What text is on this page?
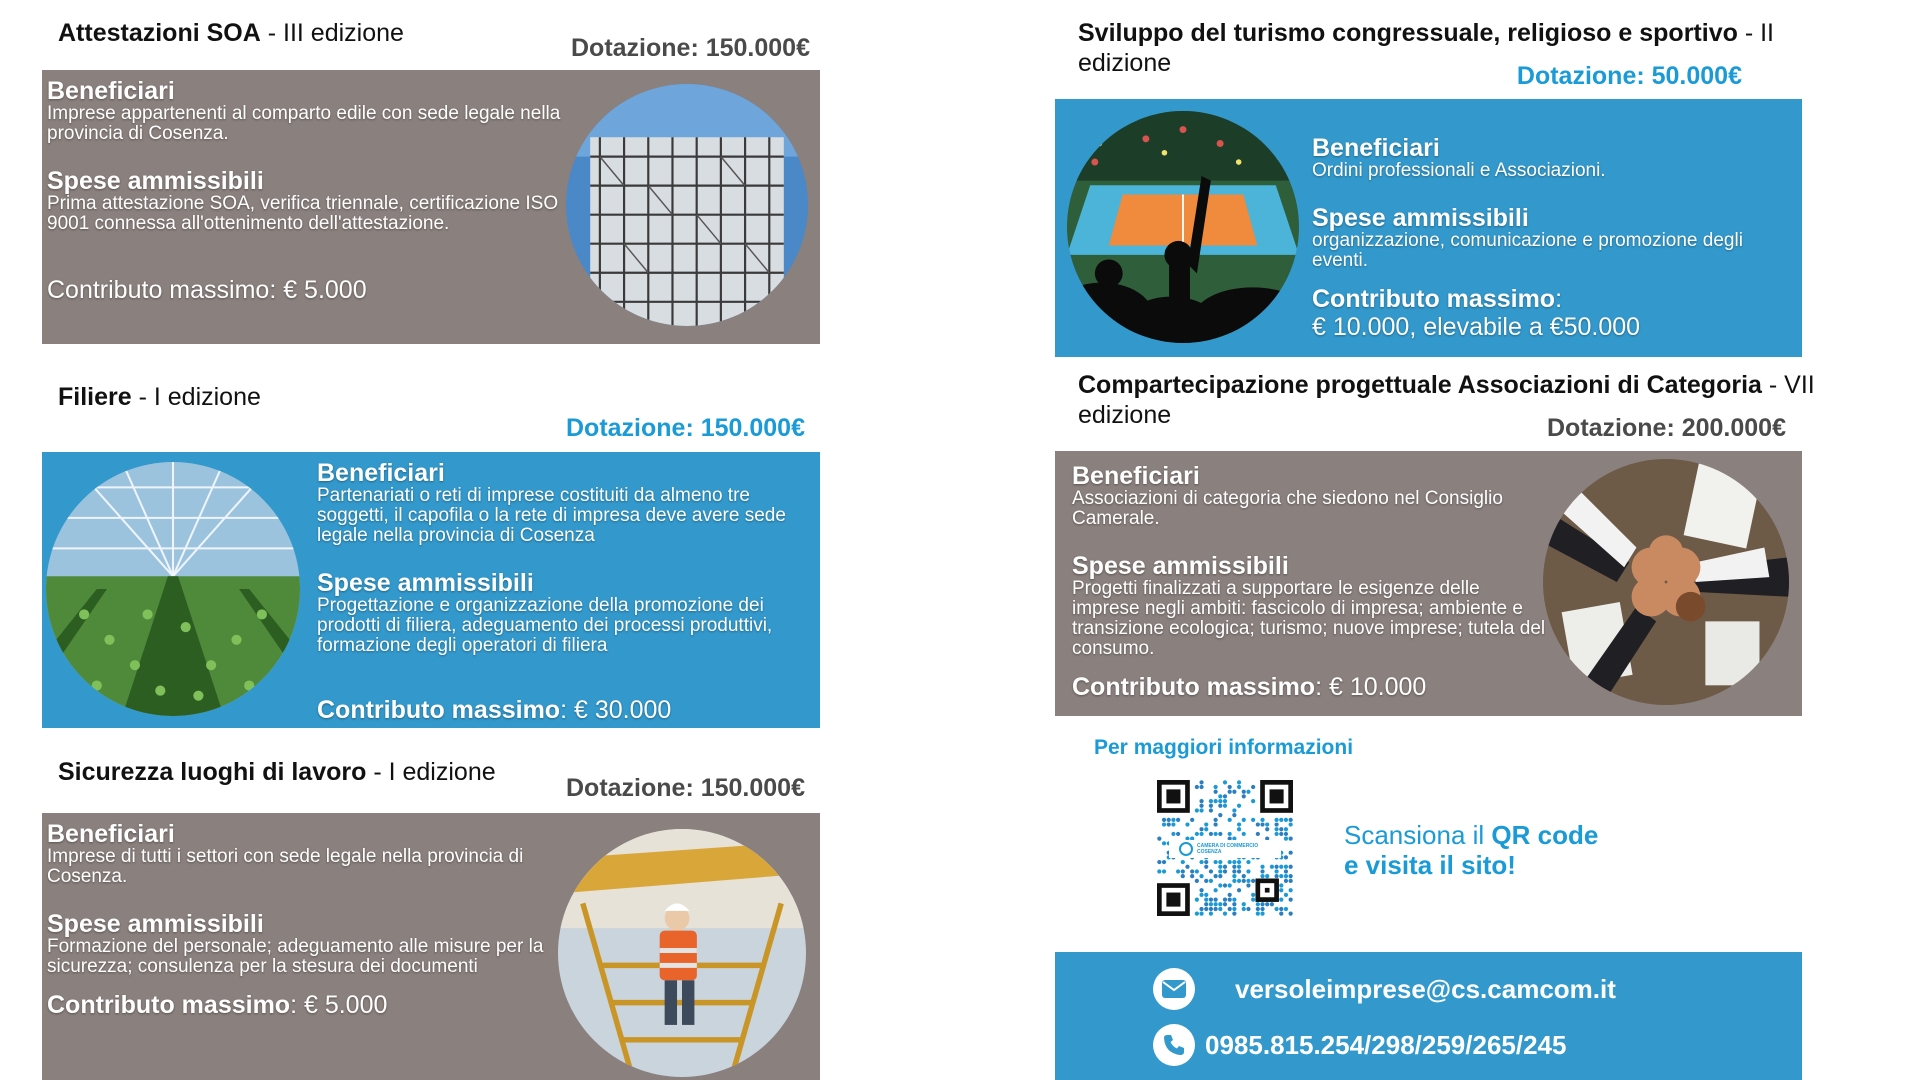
Attestazioni SOA - III edizione
Dotazione: 150.000€
Beneficiari
Imprese appartenenti al comparto edile con sede legale nella provincia di Cosenza.
Spese ammissibili
Prima attestazione SOA, verifica triennale, certificazione ISO 9001 connessa all'ottenimento dell'attestazione.
Contributo massimo: € 5.000
Filiere - I edizione
Dotazione: 150.000€
Beneficiari
Partenariati o reti di imprese costituiti da almeno tre soggetti, il capofila o la rete di impresa deve avere sede legale nella provincia di Cosenza
Spese ammissibili
Progettazione e organizzazione della promozione dei prodotti di filiera, adeguamento dei processi produttivi, formazione degli operatori di filiera
Contributo massimo: € 30.000
Sicurezza luoghi di lavoro - I edizione
Dotazione: 150.000€
Beneficiari
Imprese di tutti i settori con sede legale nella provincia di Cosenza.
Spese ammissibili
Formazione del personale; adeguamento alle misure per la sicurezza; consulenza per la stesura dei documenti
Contributo massimo: € 5.000
Sviluppo del turismo congressuale, religioso e sportivo - II edizione	Dotazione: 50.000€
Beneficiari
Ordini professionali e Associazioni.
Spese ammissibili
organizzazione, comunicazione e promozione degli eventi.
Contributo massimo:
€ 10.000, elevabile a €50.000
Compartecipazione progettuale Associazioni di Categoria - VII edizione	Dotazione: 200.000€
Beneficiari
Associazioni di categoria che siedono nel Consiglio Camerale.
Spese ammissibili
Progetti finalizzati a supportare le esigenze delle imprese negli ambiti: fascicolo di impresa; ambiente e transizione ecologica; turismo; nuove imprese; tutela del consumo.
Contributo massimo: € 10.000
Per maggiori informazioni
CAMERA DI COMMERCIO
COSENZA
Scansiona il QR code
e visita il sito!
versoleimprese@cs.camcom.it
0985.815.254/298/259/265/245
